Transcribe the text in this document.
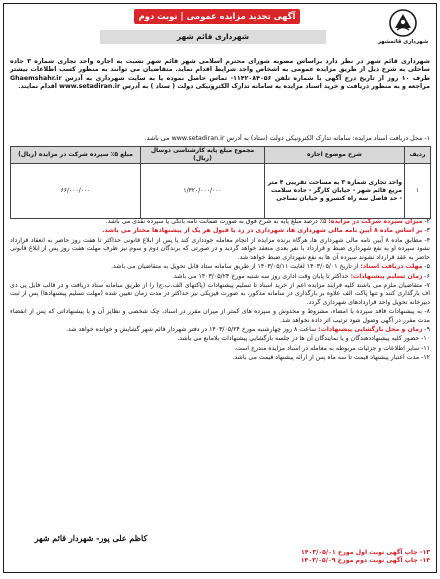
شهرداری قائمشهر
آگهی تجدید مزایده عمومی | نوبت دوم
شهرداری قائم شهر
شهرداری قائم شهر در نظر دارد براساس مصوبه شورای محترم اسلامی شهر قائم شهر نسبت به اجاره واحد تجاری شماره ۳ جاده ساحلی به شرح ذیل از طریق مزایده عمومی به اشخاص واجد شرایط اقدام نماید. متقاضیان می توانند به منظور کسب اطلاعات بیشتر ظرف ۱۰ روز از تاریخ درج آگهی با شماره تلفن ۱۱۴۲۰۸۴۰۵۶- تماس حاصل نموده یا به سایت شهرداری به آدرس Ghaemshahr.ir مراجعه و به منظور دریافت و خرید اسناد مزایده به سامانه تدارک الکترونیکی دولت ( ستاد ) به آدرس www.setadiran.ir اقدام نمایند.
۱- محل دریافت اسناد مزایده: سامانه تدارک الکترونیکی دولت (ستاد) به آدرس www.setadiran.ir می باشد.
ردیف	شرح موضوع اجاره	مجموع مبلغ پایه کارشناسی دوسال (ریال)	مبلغ ۵٪ سپرده شرکت در مزایده (ریال)
۱	واحد تجاری شماره ۳ به مساحت تقریبی ۴ متر مربع قائم شهر - خیابان کارگر - جاده سلامت - حد فاصل سه راه کنسرو و خیابان نساجی	۱/۳۲۰/۰۰۰/۰۰۰	۶۶/۰۰۰/۰۰۰

۲- میزان سپرده شرکت در مزایده: ۵٪ درصد مبلغ پایه به شرح فوق به صورت ضمانت نامه بانکی یا سپرده نقدی می باشد.

۳- بر اساس ماده ۸ آیین نامه مالی شهرداری ها، شهرداری در رد یا قبول هر یک از پیشنهادها مختار می باشد.

۴- مطابق ماده ۸ آیین نامه مالی شهرداری ها، هرگاه برنده مزایده از انجام معامله خودداری کند یا پس از ابلاغ قانونی حداکثر تا هفت روز حاضر به انعقاد قرارداد نشود سپرده او به نفع شهرداری ضبط و قرارداد با نفر بعدی منعقد خواهد گردید و در صورتی که برندگان دوم و سوم نیز ظرف مهلت هفت روز پس از ابلاغ قانونی حاضر به عقد قرارداد نشوند سپرده آن ها به نفع شهرداری ضبط خواهد شد.

۵- مهلت دریافت اسناد: از تاریخ ۱۴۰۳/۰۵/۰۱ لغایت ۱۴۰۳/۰۵/۱۱ از طریق سامانه ستاد قابل تحویل به متقاضیان می باشد.

۶- زمان تسلیم پیشنهادات: حداکثر تا پایان وقت اداری روز سه شنبه مورخ ۱۴۰۳/۰۵/۲۳ می باشد.

۷- متقاضیان ملزم می باشند کلیه فرایند مزایده اعم از خرید اسناد تا تسلیم پیشنهادات (پاکتهای الف،ب،ج) را از طریق سامانه ستاد دریافت و در قالب فایل پی دی اف بارگذاری کنند و تنها پاکت الف علاوه بر بارگذاری در سامانه مذکور، به صورت فیزیکی نیز حداکثر در مدت زمان تعیین شده (مهلت تسلیم پیشنهادها) پس از ثبت دبیرخانه تحویل واحد قراردادهای شهرداری گردد.

۸- به پیشنهادات فاقد سپرده یا امضاء، مشروط و مخدوش و سپرده های کمتر از میزان مقرر در اسناد، چک شخصی و نظایر آن و یا پیشنهاداتی که پس از انقضاء مدت مقرر در آگهی وصول شود ترتیب اثر داده نخواهد شد.

۹- زمان و محل بازگشایی پیشنهادات: ساعت ۸ روز چهارشنبه مورخ ۱۴۰۳/۰۵/۲۴ در دفتر شهردار قائم شهر گشایش و خوانده خواهد شد.

۱۰- حضور کلیه پیشنهاددهندگان و یا نمایندگان آن ها در جلسه بازگشایی پیشنهادات بلامانع می باشد.

۱۱- سایر اطلاعات و جزئیات مربوطه به معامله در اسناد مزایده مندرج است.

۱۲- مدت اعتبار پیشنهاد قیمت تا سه ماه پس از ارائه پیشنهاد قیمت می باشد.

کاظم علی پور- شهردار قائم شهر
۱۳- چاپ آگهی نوبت اول مورخ ۱۴۰۳/۰۵/۰۱
۱۴- چاپ آگهی نوبت دوم مورخ ۱۴۰۳/۰۵/۰۹
